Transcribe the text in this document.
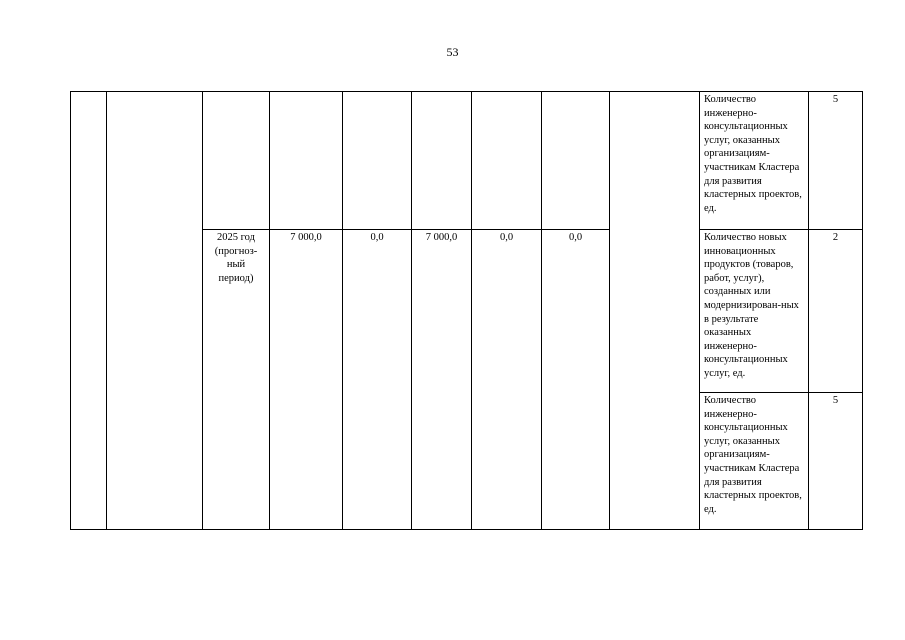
53
									Количество инженерно-консультационных услуг, оказанных организациям-участникам Кластера для развития кластерных проектов, ед.	5

		2025 год
(прогноз-
ный
период)	7 000,0	0,0	7 000,0	0,0	0,0		Количество новых инновационных продуктов (товаров, работ, услуг), созданных или модернизирован-ных в результате оказанных инженерно-консультационных услуг, ед.	2
									Количество инженерно-консультационных услуг, оказанных организациям-участникам Кластера для развития кластерных проектов, ед.	5
